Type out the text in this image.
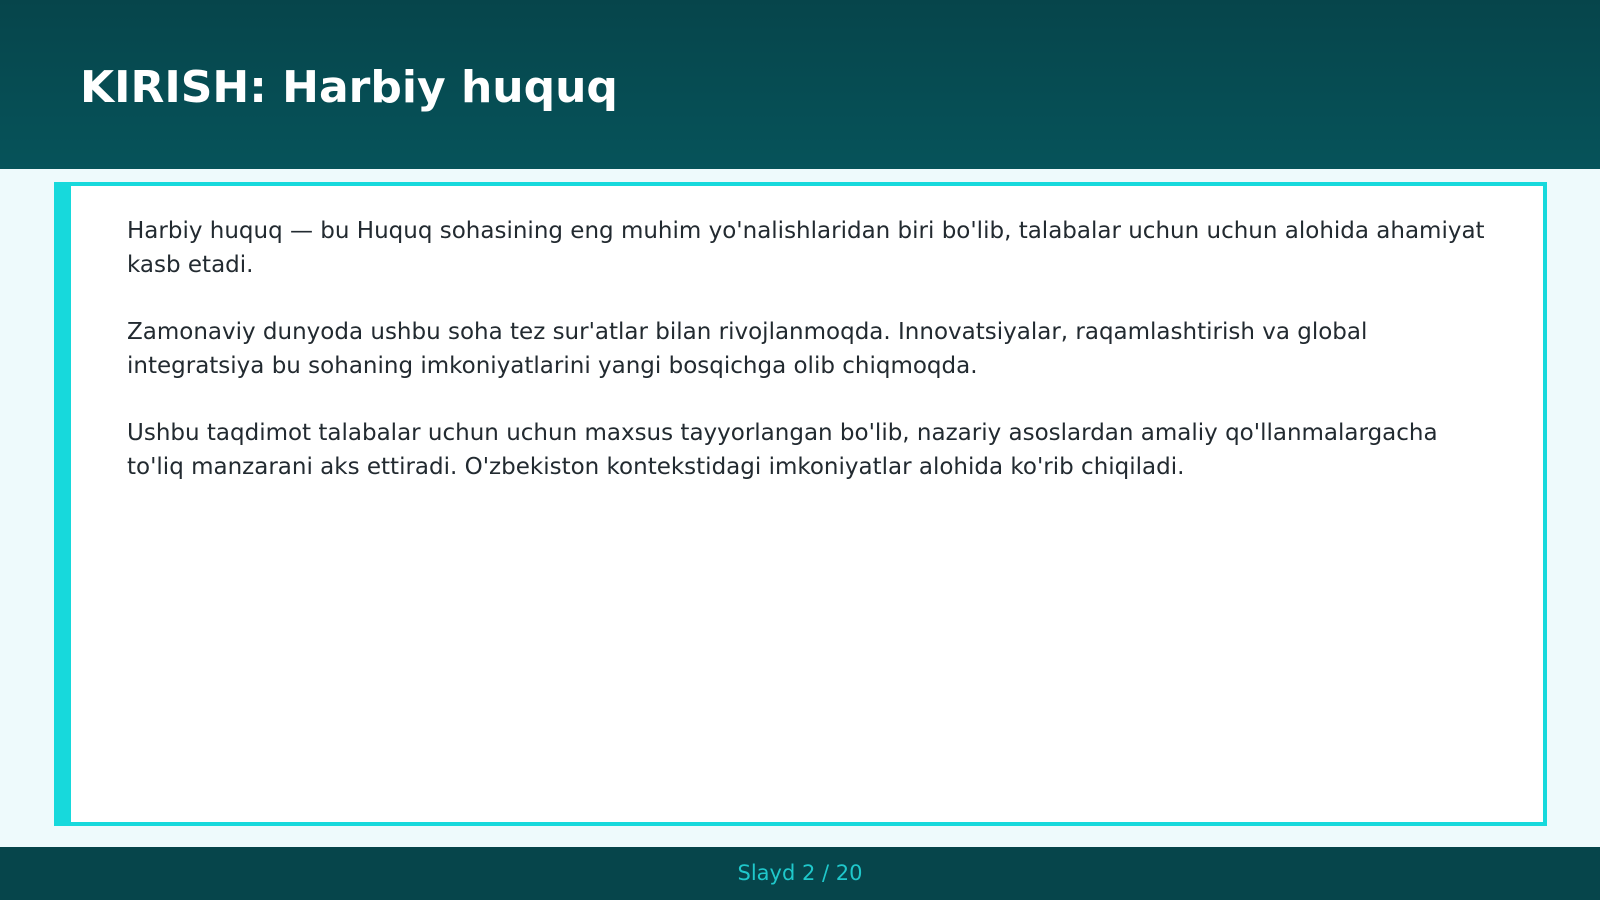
KIRISH: Harbiy huquq

Harbiy huquq — bu Huquq sohasining eng muhim yo'nalishlaridan biri bo'lib, talabalar uchun uchun alohida ahamiyat kasb etadi.

Zamonaviy dunyoda ushbu soha tez sur'atlar bilan rivojlanmoqda. Innovatsiyalar, raqamlashtirish va global integratsiya bu sohaning imkoniyatlarini yangi bosqichga olib chiqmoqda.

Ushbu taqdimot talabalar uchun uchun maxsus tayyorlangan bo'lib, nazariy asoslardan amaliy qo'llanmalargacha to'liq manzarani aks ettiradi. O'zbekiston kontekstidagi imkoniyatlar alohida ko'rib chiqiladi.

Slayd 2 / 20
